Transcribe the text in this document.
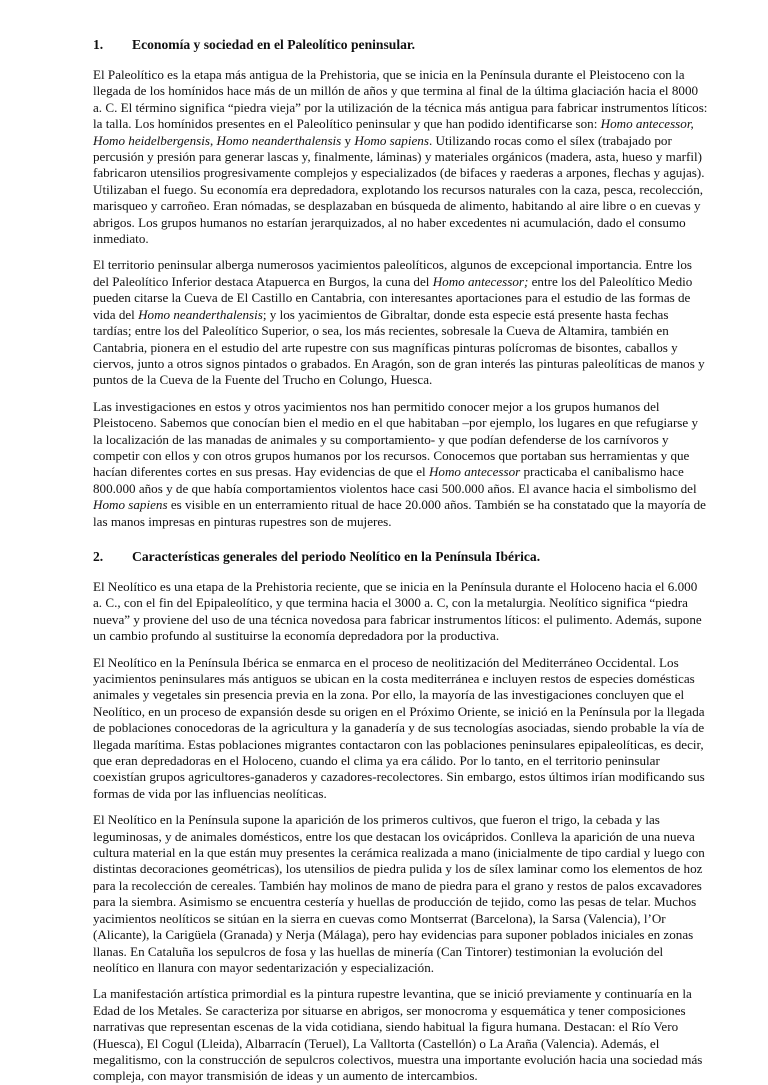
1.	Economía y sociedad en el Paleolítico peninsular.

El Paleolítico es la etapa más antigua de la Prehistoria, que se inicia en la Península durante el Pleistoceno con la llegada de los homínidos hace más de un millón de años y que termina al final de la última glaciación hacia el 8000 a. C. El término significa “piedra vieja” por la utilización de la técnica más antigua para fabricar instrumentos líticos: la talla. Los homínidos presentes en el Paleolítico peninsular y que han podido identificarse son: Homo antecessor, Homo heidelbergensis, Homo neanderthalensis y Homo sapiens. Utilizando rocas como el sílex (trabajado por percusión y presión para generar lascas y, finalmente, láminas) y materiales orgánicos (madera, asta, hueso y marfil) fabricaron utensilios progresivamente complejos y especializados (de bifaces y raederas a arpones, flechas y agujas). Utilizaban el fuego. Su economía era depredadora, explotando los recursos naturales con la caza, pesca, recolección, marisqueo y carroñeo. Eran nómadas, se desplazaban en búsqueda de alimento, habitando al aire libre o en cuevas y abrigos. Los grupos humanos no estarían jerarquizados, al no haber excedentes ni acumulación, dado el consumo inmediato.

El territorio peninsular alberga numerosos yacimientos paleolíticos, algunos de excepcional importancia. Entre los del Paleolítico Inferior destaca Atapuerca en Burgos, la cuna del Homo antecessor; entre los del Paleolítico Medio pueden citarse la Cueva de El Castillo en Cantabria, con interesantes aportaciones para el estudio de las formas de vida del Homo neanderthalensis; y los yacimientos de Gibraltar, donde esta especie está presente hasta fechas tardías; entre los del Paleolítico Superior, o sea, los más recientes, sobresale la Cueva de Altamira, también en Cantabria, pionera en el estudio del arte rupestre con sus magníficas pinturas polícromas de bisontes, caballos y ciervos, junto a otros signos pintados o grabados. En Aragón, son de gran interés las pinturas paleolíticas de manos y puntos de la Cueva de la Fuente del Trucho en Colungo, Huesca.

Las investigaciones en estos y otros yacimientos nos han permitido conocer mejor a los grupos humanos del Pleistoceno. Sabemos que conocían bien el medio en el que habitaban –por ejemplo, los lugares en que refugiarse y la localización de las manadas de animales y su comportamiento- y que podían defenderse de los carnívoros y competir con ellos y con otros grupos humanos por los recursos. Conocemos que portaban sus herramientas y que hacían diferentes cortes en sus presas. Hay evidencias de que el Homo antecessor practicaba el canibalismo hace 800.000 años y de que había comportamientos violentos hace casi 500.000 años. El avance hacia el simbolismo del Homo sapiens es visible en un enterramiento ritual de hace 20.000 años. También se ha constatado que la mayoría de las manos impresas en pinturas rupestres son de mujeres.

2.	Características generales del periodo Neolítico en la Península Ibérica.

El Neolítico es una etapa de la Prehistoria reciente, que se inicia en la Península durante el Holoceno hacia el 6.000 a. C., con el fin del Epipaleolítico, y que termina hacia el 3000 a. C, con la metalurgia. Neolítico significa “piedra nueva” y proviene del uso de una técnica novedosa para fabricar instrumentos líticos: el pulimento. Además, supone un cambio profundo al sustituirse la economía depredadora por la productiva.

El Neolítico en la Península Ibérica se enmarca en el proceso de neolitización del Mediterráneo Occidental. Los yacimientos peninsulares más antiguos se ubican en la costa mediterránea e incluyen restos de especies domésticas animales y vegetales sin presencia previa en la zona. Por ello, la mayoría de las investigaciones concluyen que el Neolítico, en un proceso de expansión desde su origen en el Próximo Oriente, se inició en la Península por la llegada de poblaciones conocedoras de la agricultura y la ganadería y de sus tecnologías asociadas, siendo probable la vía de llegada marítima. Estas poblaciones migrantes contactaron con las poblaciones peninsulares epipaleolíticas, es decir, que eran depredadoras en el Holoceno, cuando el clima ya era cálido. Por lo tanto, en el territorio peninsular coexistían grupos agricultores-ganaderos y cazadores-recolectores. Sin embargo, estos últimos irían modificando sus formas de vida por las influencias neolíticas.

El Neolítico en la Península supone la aparición de los primeros cultivos, que fueron el trigo, la cebada y las leguminosas, y de animales domésticos, entre los que destacan los ovicápridos. Conlleva la aparición de una nueva cultura material en la que están muy presentes la cerámica realizada a mano (inicialmente de tipo cardial y luego con distintas decoraciones geométricas), los utensilios de piedra pulida y los de sílex laminar como los elementos de hoz para la recolección de cereales. También hay molinos de mano de piedra para el grano y restos de palos excavadores para la siembra. Asimismo se encuentra cestería y huellas de producción de tejido, como las pesas de telar. Muchos yacimientos neolíticos se sitúan en la sierra en cuevas como Montserrat (Barcelona), la Sarsa (Valencia), l’Or (Alicante), la Carigüela (Granada) y Nerja (Málaga), pero hay evidencias para suponer poblados iniciales en zonas llanas. En Cataluña los sepulcros de fosa y las huellas de minería (Can Tintorer) testimonian la evolución del neolítico en llanura con mayor sedentarización y especialización.

La manifestación artística primordial es la pintura rupestre levantina, que se inició previamente y continuaría en la Edad de los Metales. Se caracteriza por situarse en abrigos, ser monocroma y esquemática y tener composiciones narrativas que representan escenas de la vida cotidiana, siendo habitual la figura humana. Destacan: el Río Vero (Huesca), El Cogul (Lleida), Albarracín (Teruel), La Valltorta (Castellón) o La Araña (Valencia). Además, el megalitismo, con la construcción de sepulcros colectivos, muestra una importante evolución hacia una sociedad más compleja, con mayor transmisión de ideas y un aumento de intercambios.
